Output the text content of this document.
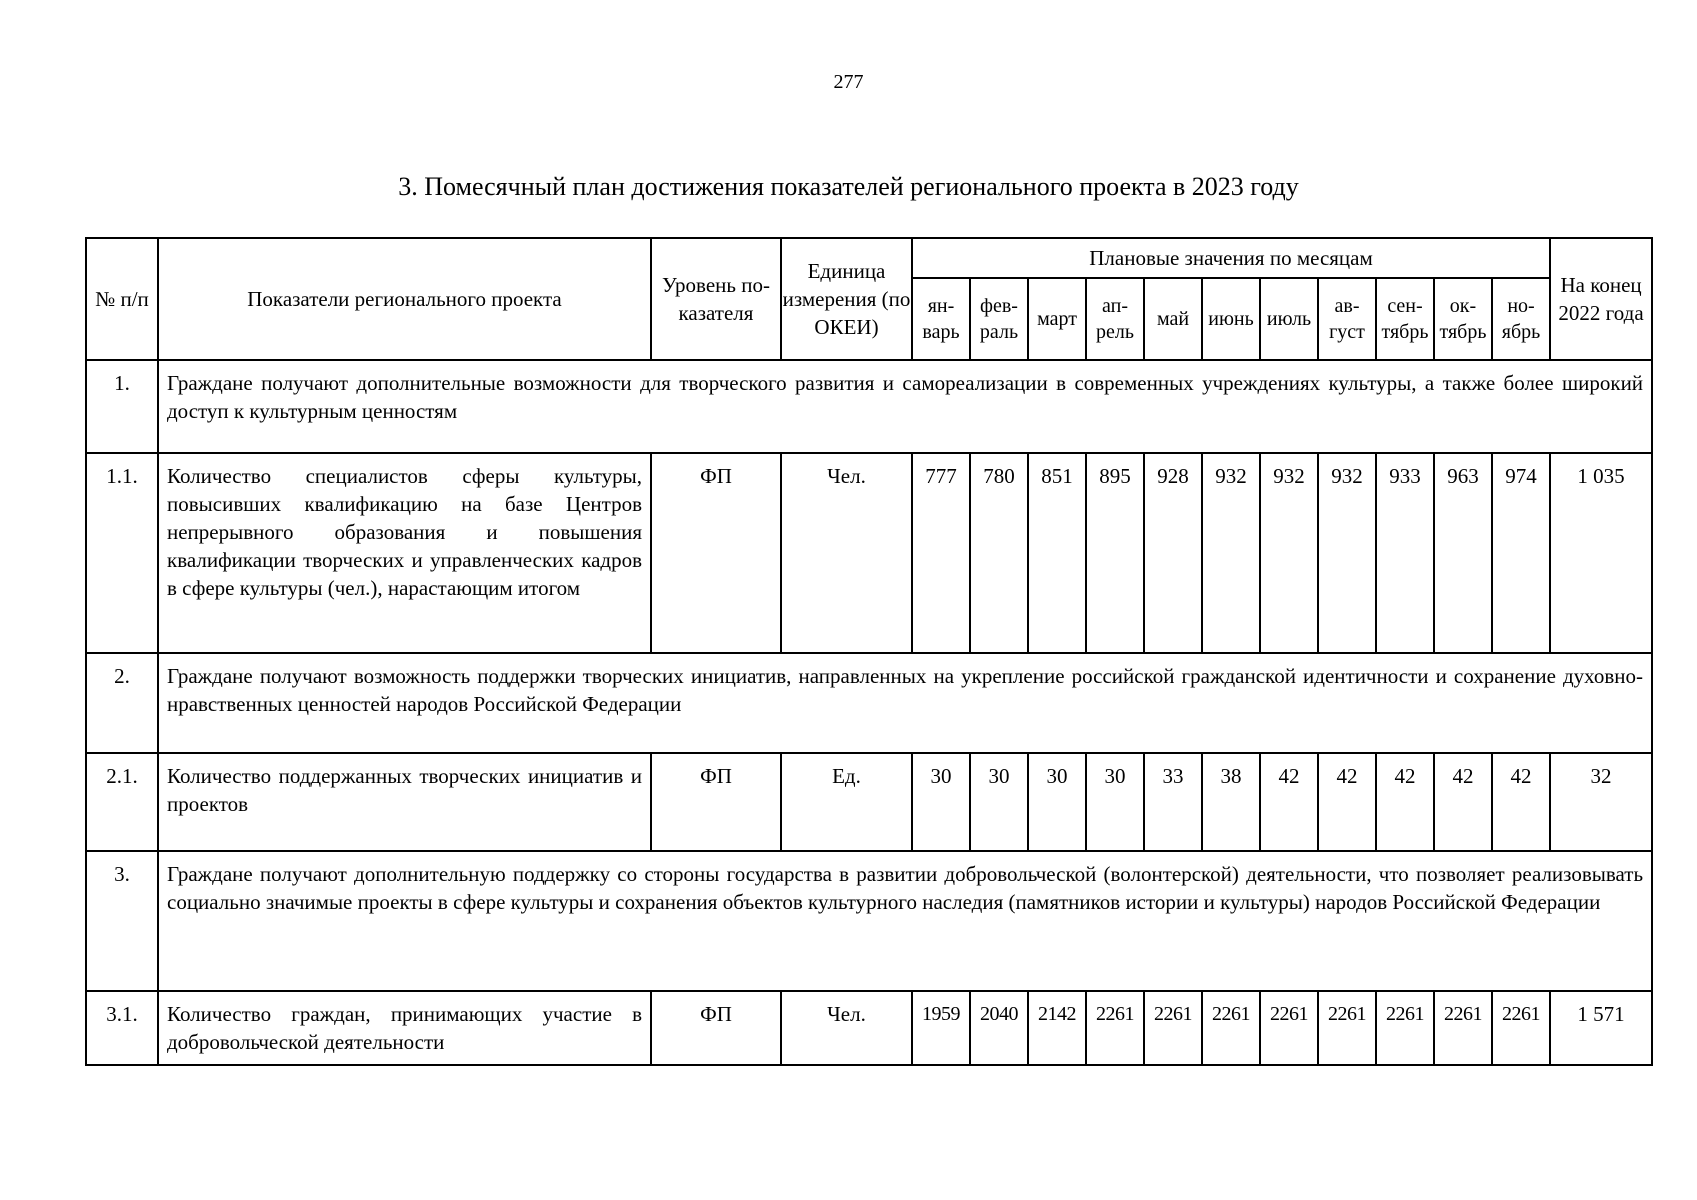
277
3. Помесячный план достижения показателей регионального проекта в 2023 году
№ п/п	Показатели регионального проекта	Уровень по-казателя	Единица измерения (по ОКЕИ)	Плановые значения по месяцам											На конец 2022 года
				ян-варь	фев-раль	март	ап-рель	май	июнь	июль	ав-густ	сен-тябрь	ок-тябрь	но-ябрь	
1.	Граждане получают дополнительные возможности для творческого развития и самореализации в современных учреждениях культуры, а также более широкий доступ к культурным ценностям														
1.1.	Количество специалистов сферы культуры, повысивших квалификацию на базе Центров непрерывного образования и повышения квалификации творческих и управленческих кадров в сфере культуры (чел.), нарастающим итогом	ФП	Чел.	777	780	851	895	928	932	932	932	933	963	974	1 035
2.	Граждане получают возможность поддержки творческих инициатив, направленных на укрепление российской гражданской идентичности и сохранение духовно-нравственных ценностей народов Российской Федерации														
2.1.	Количество поддержанных творческих инициатив и проектов	ФП	Ед.	30	30	30	30	33	38	42	42	42	42	42	32
3.	Граждане получают дополнительную поддержку со стороны государства в развитии добровольческой (волонтерской) деятельности, что позволяет реализовывать социально значимые проекты в сфере культуры и сохранения объектов культурного наследия (памятников истории и культуры) народов Российской Федерации														
3.1.	Количество граждан, принимающих участие в добровольческой деятельности	ФП	Чел.	1959	2040	2142	2261	2261	2261	2261	2261	2261	2261	2261	1 571
